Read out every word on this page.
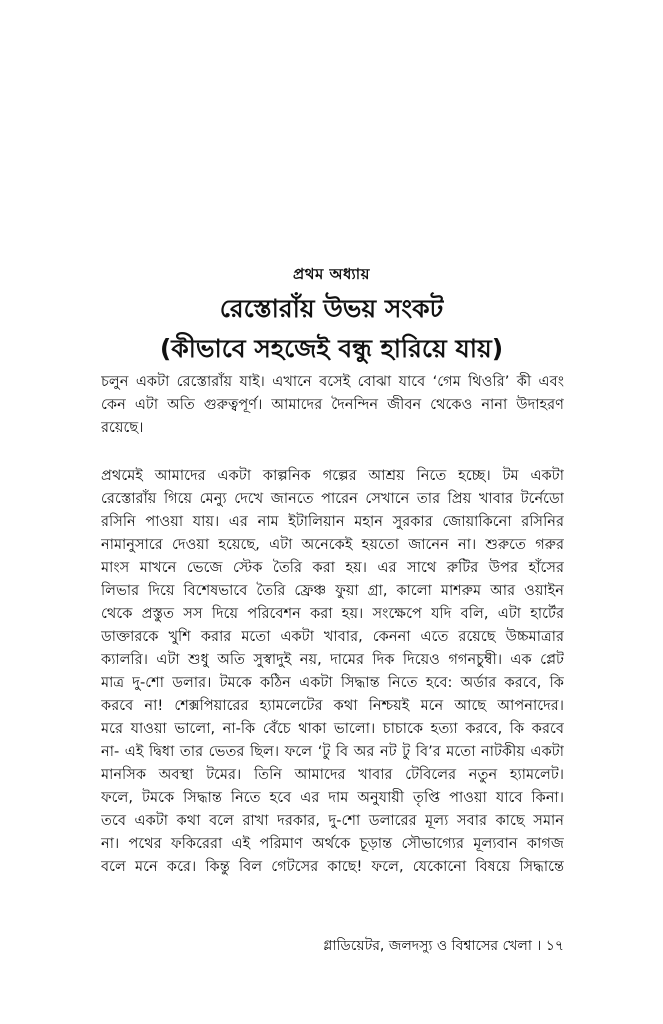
প্রথম অধ্যায়
রেস্তোরাঁয় উভয় সংকট
(কীভাবে সহজেই বন্ধু হারিয়ে যায়)
চলুন একটা রেস্তোরাঁয় যাই। এখানে বসেই বোঝা যাবে ‘গেম থিওরি’ কী এবং
কেন এটা অতি গুরুত্বপূর্ণ। আমাদের দৈনন্দিন জীবন থেকেও নানা উদাহরণ
রয়েছে।
প্রথমেই আমাদের একটা কাল্পনিক গল্পের আশ্রয় নিতে হচ্ছে। টম একটা
রেস্তোরাঁয় গিয়ে মেন্যু দেখে জানতে পারেন সেখানে তার প্রিয় খাবার টর্নেডো
রসিনি পাওয়া যায়। এর নাম ইটালিয়ান মহান সুরকার জোয়াকিনো রসিনির
নামানুসারে দেওয়া হয়েছে, এটা অনেকেই হয়তো জানেন না। শুরুতে গরুর
মাংস মাখনে ভেজে স্টেক তৈরি করা হয়। এর সাথে রুটির উপর হাঁসের
লিভার দিয়ে বিশেষভাবে তৈরি ফ্রেঞ্চ ফুয়া গ্রা, কালো মাশরুম আর ওয়াইন
থেকে প্রস্তুত সস দিয়ে পরিবেশন করা হয়। সংক্ষেপে যদি বলি, এটা হার্টের
ডাক্তারকে খুশি করার মতো একটা খাবার, কেননা এতে রয়েছে উচ্চমাত্রার
ক্যালরি। এটা শুধু অতি সুস্বাদুই নয়, দামের দিক দিয়েও গগনচুম্বী। এক প্লেট
মাত্র দু-শো ডলার। টমকে কঠিন একটা সিদ্ধান্ত নিতে হবে: অর্ডার করবে, কি
করবে না! শেক্সপিয়ারের হ্যামলেটের কথা নিশ্চয়ই মনে আছে আপনাদের।
মরে যাওয়া ভালো, না-কি বেঁচে থাকা ভালো। চাচাকে হত্যা করবে, কি করবে
না- এই দ্বিধা তার ভেতর ছিল। ফলে ‘টু বি অর নট টু বি’র মতো নাটকীয় একটা
মানসিক অবস্থা টমের। তিনি আমাদের খাবার টেবিলের নতুন হ্যামলেট।
ফলে, টমকে সিদ্ধান্ত নিতে হবে এর দাম অনুযায়ী তৃপ্তি পাওয়া যাবে কিনা।
তবে একটা কথা বলে রাখা দরকার, দু-শো ডলারের মূল্য সবার কাছে সমান
না। পথের ফকিরেরা এই পরিমাণ অর্থকে চূড়ান্ত সৌভাগ্যের মূল্যবান কাগজ
বলে মনে করে। কিন্তু বিল গেটসের কাছে! ফলে, যেকোনো বিষয়ে সিদ্ধান্তে
গ্লাডিয়েটর, জলদস্যু ও বিশ্বাসের খেলা । ১৭
